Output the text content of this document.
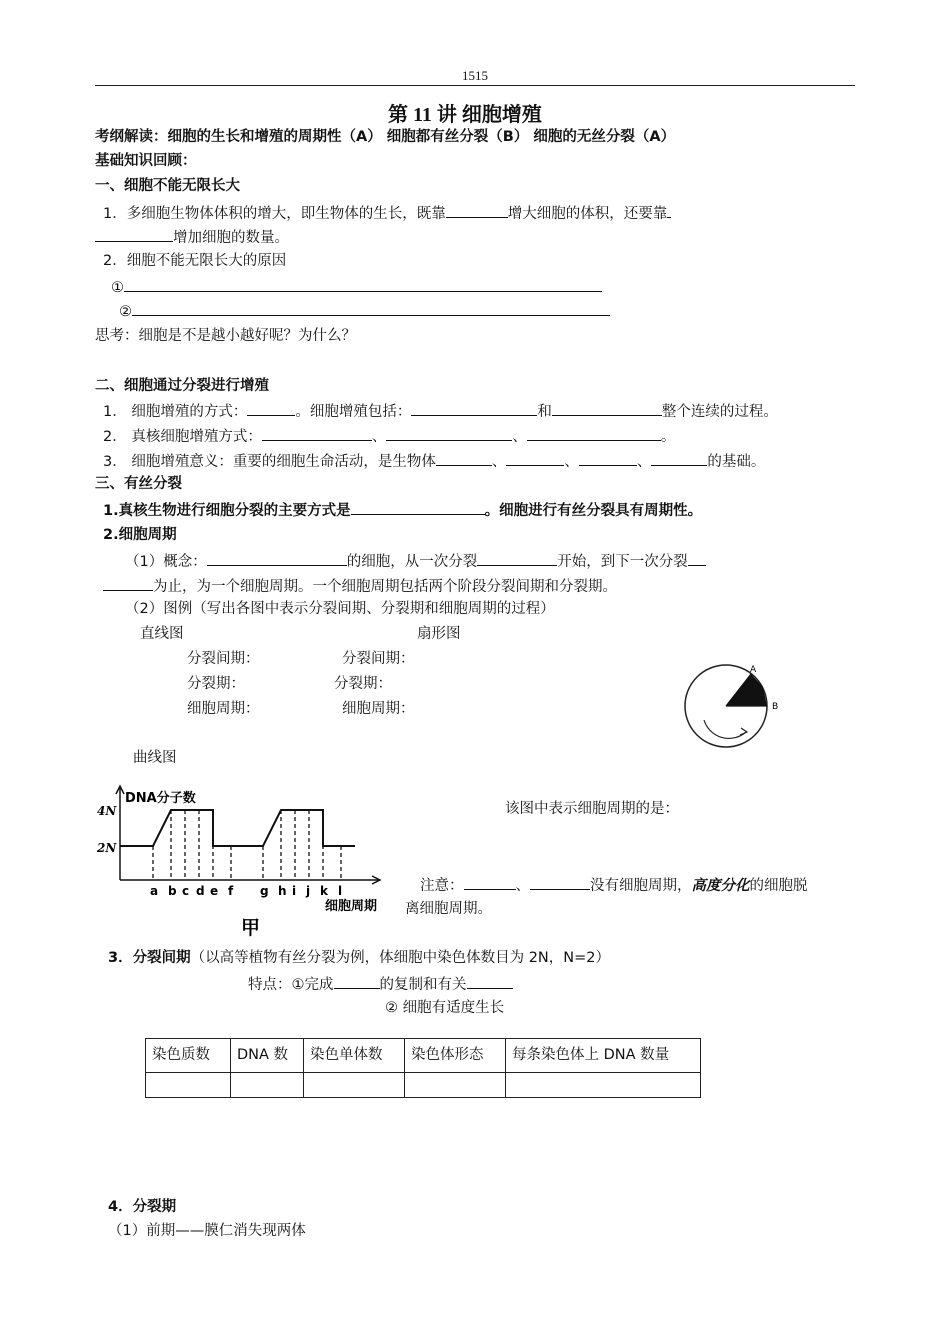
1515
第 11 讲 细胞增殖
考纲解读：细胞的生长和增殖的周期性（A） 细胞都有丝分裂（B） 细胞的无丝分裂（A）
基础知识回顾：
一、细胞不能无限长大
1．多细胞生物体体积的增大，即生物体的生长，既靠	增大细胞的体积，还要靠
增加细胞的数量。
2．细胞不能无限长大的原因
①
②
思考：细胞是不是越小越好呢？为什么？
二、细胞通过分裂进行增殖
1． 细胞增殖的方式：	。细胞增殖包括：	和	整个连续的过程。
2． 真核细胞增殖方式：	、	、	。
3． 细胞增殖意义：重要的细胞生命活动，是生物体	、	、	、	的基础。
三、有丝分裂
1.真核生物进行细胞分裂的主要方式是	。细胞进行有丝分裂具有周期性。
2.细胞周期
（1）概念：	的细胞，从一次分裂	开始，到下一次分裂
为止，为一个细胞周期。一个细胞周期包括两个阶段分裂间期和分裂期。
（2）图例（写出各图中表示分裂间期、分裂期和细胞周期的过程）
直线图	扇形图
分裂间期：	分裂间期：
分裂期：	分裂期：
细胞周期：	细胞周期：
A
B
曲线图
DNA分子数
4N
2N
a b c d e f g h i j k l
细胞周期
甲
该图中表示细胞周期的是：
注意：	、	没有细胞周期，高度分化的细胞脱
离细胞周期。
3．分裂间期（以高等植物有丝分裂为例，体细胞中染色体数目为 2N，N=2）
特点：①完成	的复制和有关
② 细胞有适度生长
染色质数	DNA 数	染色单体数	染色体形态	每条染色体上 DNA 数量

4．分裂期
（1）前期——膜仁消失现两体
